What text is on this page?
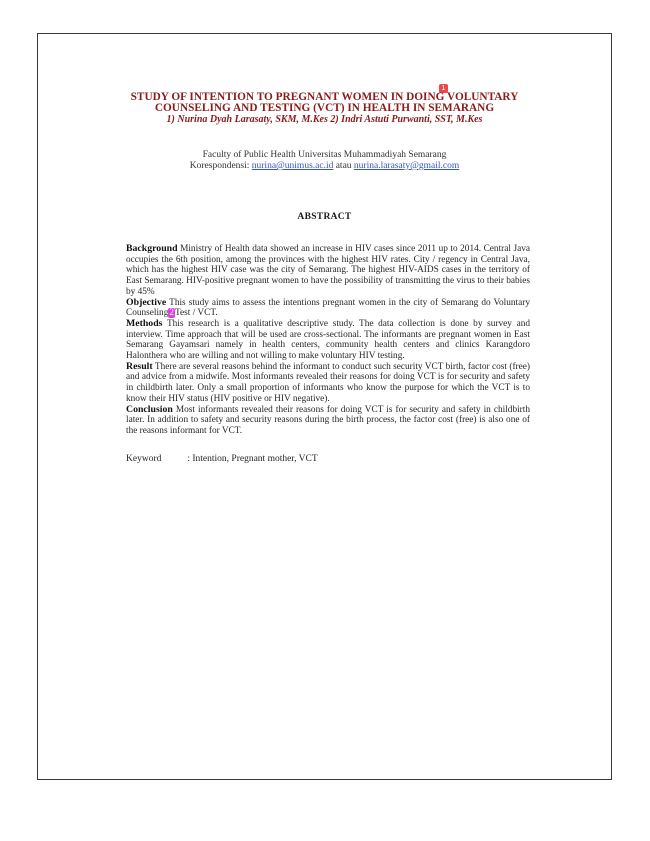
1
STUDY OF INTENTION TO PREGNANT WOMEN IN DOING VOLUNTARY
COUNSELING AND TESTING (VCT) IN HEALTH IN SEMARANG
1) Nurina Dyah Larasaty, SKM, M.Kes 2) Indri Astuti Purwanti, SST, M.Kes
Faculty of Public Health Universitas Muhammadiyah Semarang
Korespondensi: nurina@unimus.ac.id atau nurina.larasaty@gmail.com
ABSTRACT

Background Ministry of Health data showed an increase in HIV cases since 2011 up to 2014. Central Java occupies the 6th position, among the provinces with the highest HIV rates. City / regency in Central Java, which has the highest HIV case was the city of Semarang. The highest HIV-AIDS cases in the territory of East Semarang. HIV-positive pregnant women to have the possibility of transmitting the virus to their babies by 45%

Objective This study aims to assess the intentions pregnant women in the city of Semarang do Voluntary Counseling2Test / VCT.

Methods This research is a qualitative descriptive study. The data collection is done by survey and interview. Time approach that will be used are cross-sectional. The informants are pregnant women in East Semarang Gayamsari namely in health centers, community health centers and clinics Karangdoro Halonthera who are willing and not willing to make voluntary HIV testing.

Result There are several reasons behind the informant to conduct such security VCT birth, factor cost (free) and advice from a midwife. Most informants revealed their reasons for doing VCT is for security and safety in childbirth later. Only a small proportion of informants who know the purpose for which the VCT is to know their HIV status (HIV positive or HIV negative).

Conclusion Most informants revealed their reasons for doing VCT is for security and safety in childbirth later. In addition to safety and security reasons during the birth process, the factor cost (free) is also one of the reasons informant for VCT.

Keyword	: Intention, Pregnant mother, VCT
